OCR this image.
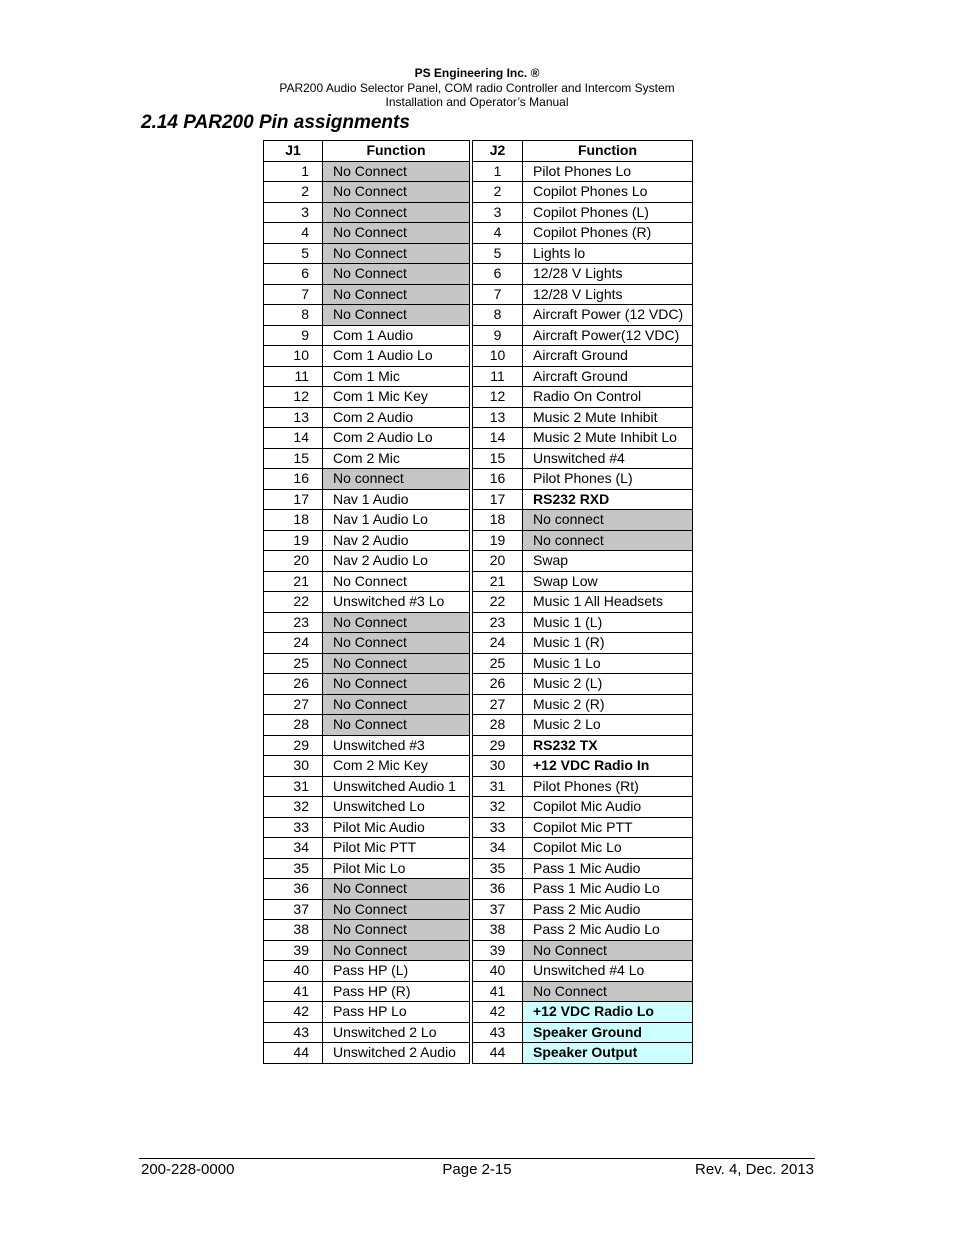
PS Engineering Inc. ®
PAR200 Audio Selector Panel, COM radio Controller and Intercom System
Installation and Operator’s Manual
2.14 PAR200 Pin assignments
J1	Function		J2	Function
1	No Connect		1	Pilot Phones Lo
2	No Connect		2	Copilot Phones Lo
3	No Connect		3	Copilot Phones (L)
4	No Connect		4	Copilot Phones (R)
5	No Connect		5	Lights lo
6	No Connect		6	12/28 V Lights
7	No Connect		7	12/28 V Lights
8	No Connect		8	Aircraft Power (12 VDC)
9	Com 1 Audio		9	Aircraft Power(12 VDC)
10	Com 1 Audio Lo		10	Aircraft Ground
11	Com 1 Mic		11	Aircraft Ground
12	Com 1 Mic Key		12	Radio On Control
13	Com 2 Audio		13	Music 2 Mute Inhibit
14	Com 2 Audio Lo		14	Music 2 Mute Inhibit Lo
15	Com 2 Mic		15	Unswitched #4
16	No connect		16	Pilot Phones (L)
17	Nav 1 Audio		17	RS232 RXD
18	Nav 1 Audio Lo		18	No connect
19	Nav 2 Audio		19	No connect
20	Nav 2 Audio Lo		20	Swap
21	No Connect		21	Swap Low
22	Unswitched #3 Lo		22	Music 1 All Headsets
23	No Connect		23	Music 1 (L)
24	No Connect		24	Music 1 (R)
25	No Connect		25	Music 1 Lo
26	No Connect		26	Music 2 (L)
27	No Connect		27	Music 2 (R)
28	No Connect		28	Music 2 Lo
29	Unswitched #3		29	RS232 TX
30	Com 2 Mic Key		30	+12 VDC Radio In
31	Unswitched Audio 1		31	Pilot Phones (Rt)
32	Unswitched Lo		32	Copilot Mic Audio
33	Pilot Mic Audio		33	Copilot Mic PTT
34	Pilot Mic PTT		34	Copilot Mic Lo
35	Pilot Mic Lo		35	Pass 1 Mic Audio
36	No Connect		36	Pass 1 Mic Audio Lo
37	No Connect		37	Pass 2 Mic Audio
38	No Connect		38	Pass 2 Mic Audio Lo
39	No Connect		39	No Connect
40	Pass HP (L)		40	Unswitched #4 Lo
41	Pass HP (R)		41	No Connect
42	Pass HP Lo		42	+12 VDC Radio Lo
43	Unswitched 2 Lo		43	Speaker Ground
44	Unswitched 2 Audio		44	Speaker Output
200-228-0000	Page 2-15	Rev. 4, Dec. 2013
